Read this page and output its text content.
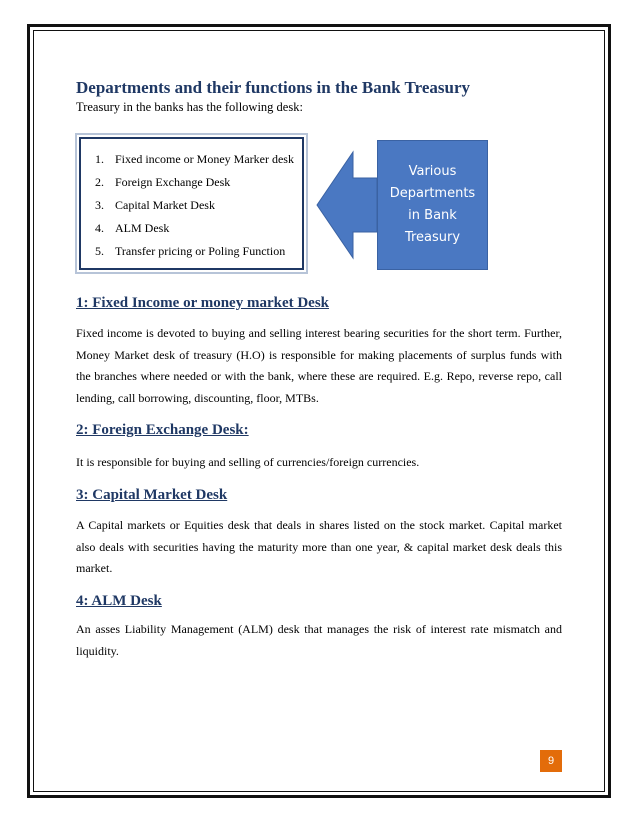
Departments and their functions in the Bank Treasury

Treasury in the banks has the following desk:

1. Fixed income or Money Marker desk
2. Foreign Exchange Desk
3. Capital Market Desk
4. ALM Desk
5. Transfer pricing or Poling Function
Various Departments in Bank Treasury
1: Fixed Income or money market Desk

Fixed income is devoted to buying and selling interest bearing securities for the short term. Further, Money Market desk of treasury (H.O) is responsible for making placements of surplus funds with the branches where needed or with the bank, where these are required. E.g. Repo, reverse repo, call lending, call borrowing, discounting, floor, MTBs.

2: Foreign Exchange Desk:

It is responsible for buying and selling of currencies/foreign currencies.

3: Capital Market Desk

A Capital markets or Equities desk that deals in shares listed on the stock market. Capital market also deals with securities having the maturity more than one year, & capital market desk deals this market.

4: ALM Desk

An asses Liability Management (ALM) desk that manages the risk of interest rate mismatch and liquidity.

9
